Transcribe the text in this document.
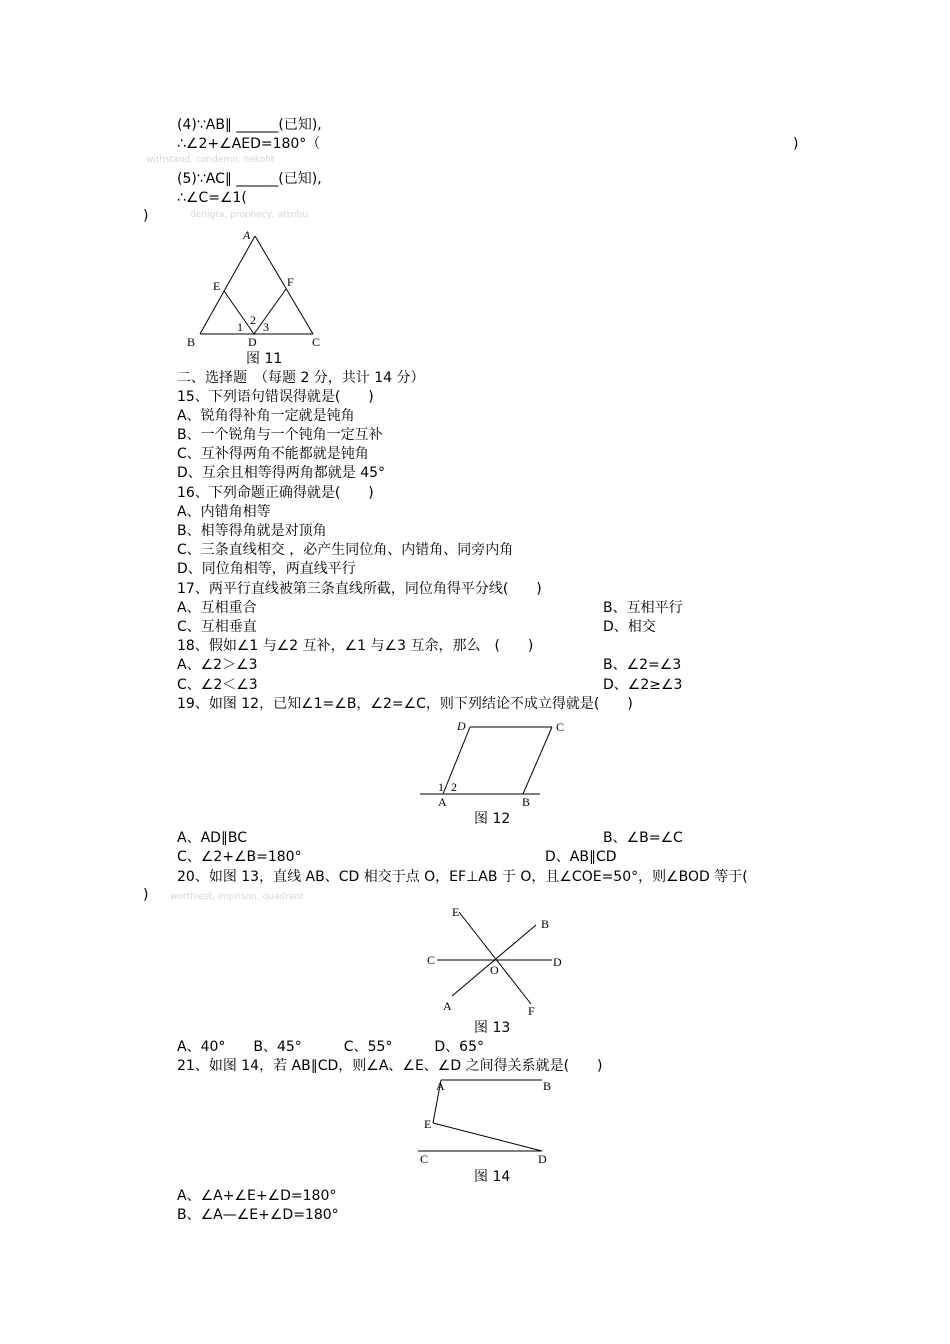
withstand, condemn, hekoht
denigra, prophecy, attribu
worthiest, imprison, quadrant
(4)∵AB∥ ______(已知),
∴∠2+∠AED=180°（	)
(5)∵AC∥ ______(已知),
∴∠C=∠1(
)
A
E	F
B	D	C
1 2 3
D	C
1 2
A	B
E
B
C	D
O
A	F
A	B
E
C	D
图 11
二、选择题　（每题 2 分，共计 14 分）
15、下列语句错误得就是(　　)
A、锐角得补角一定就是钝角
B、一个锐角与一个钝角一定互补
C、互补得两角不能都就是钝角
D、互余且相等得两角都就是 45°
16、下列命题正确得就是(　　)
A、内错角相等
B、相等得角就是对顶角
C、三条直线相交 ，必产生同位角、内错角、同旁内角
D、同位角相等，两直线平行
17、两平行直线被第三条直线所截，同位角得平分线(　　)
A、互相重合	B、互相平行
C、互相垂直	D、相交
18、假如∠1 与∠2 互补，∠1 与∠3 互余，那么　(　　)
A、∠2＞∠3	B、∠2=∠3
C、∠2＜∠3	D、∠2≥∠3
19、如图 12，已知∠1=∠B，∠2=∠C，则下列结论不成立得就是(　　)
图 12
A、AD∥BC	B、∠B=∠C
C、∠2+∠B=180°	D、AB∥CD
20、如图 13，直线 AB、CD 相交于点 O，EF⊥AB 于 O，且∠COE=50°，则∠BOD 等于(
)
图 13
A、40°　　B、45°　　　C、55°　　　D、65°
21、如图 14，若 AB∥CD，则∠A、∠E、∠D 之间得关系就是(　　)
图 14
A、∠A+∠E+∠D=180°
B、∠A—∠E+∠D=180°
